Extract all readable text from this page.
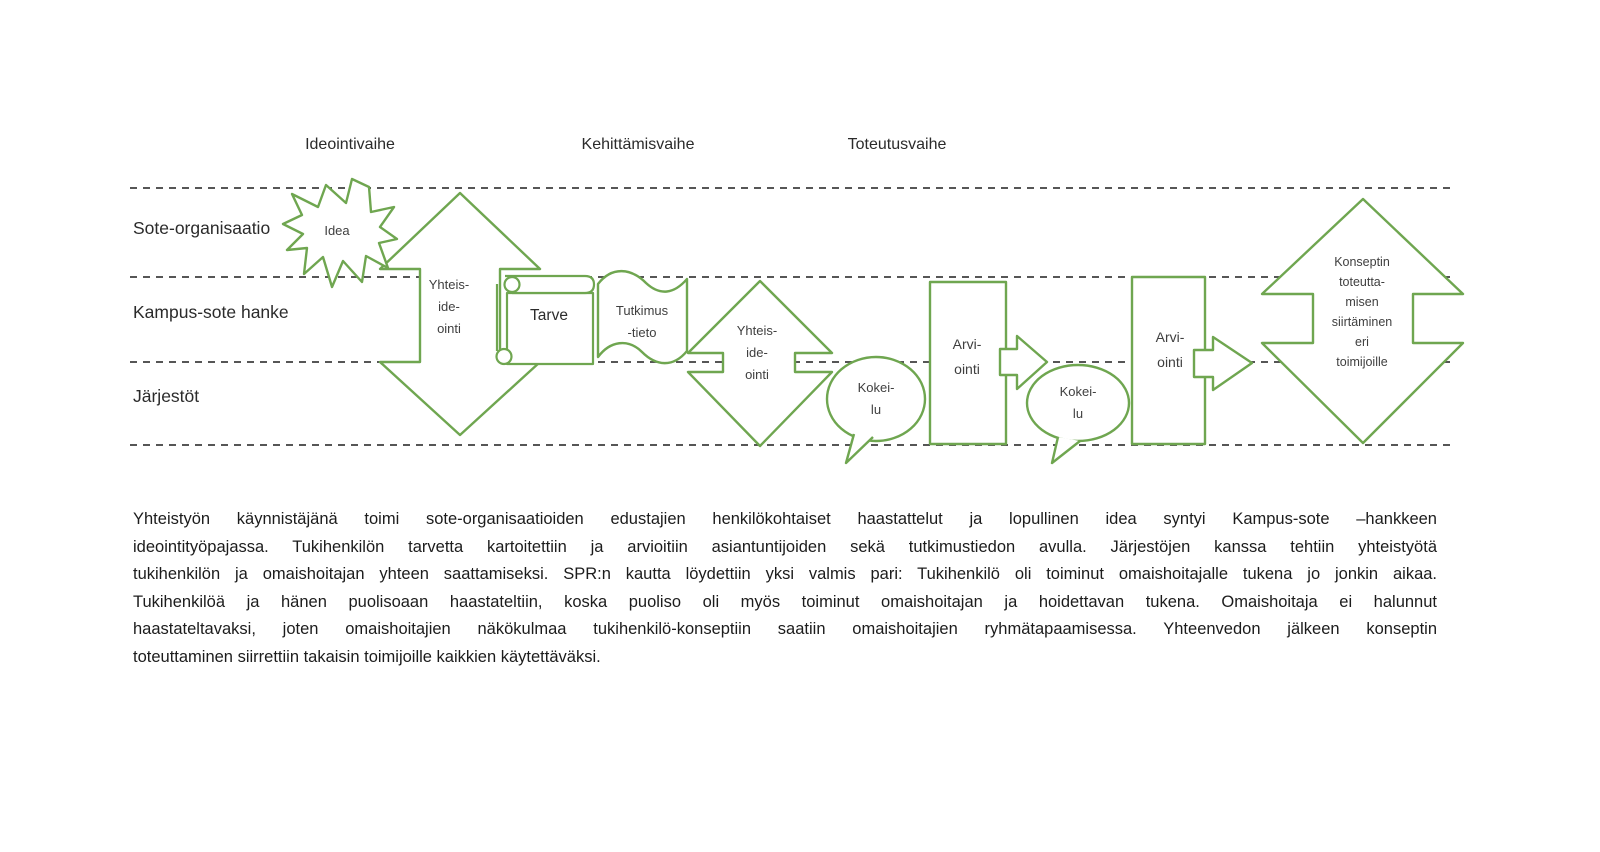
Ideointivaihe	Kehittämisvaihe	Toteutusvaihe
Sote-organisaatio
Kampus-sote hanke
Järjestöt
Idea
Yhteis-
ide-
ointi
Tarve	Tutkimus
-tieto	Yhteis-
ide-
ointi
Kokei-
lu
Arvi-
ointi
Kokei-
lu
Arvi-
ointi
Konseptin
toteutta-
misen
siirtäminen
eri
toimijoille
Yhteistyön käynnistäjänä toimi sote-organisaatioiden edustajien henkilökohtaiset haastattelut ja lopullinen idea syntyi Kampus-sote –hankkeen
ideointityöpajassa. Tukihenkilön tarvetta kartoitettiin ja arvioitiin asiantuntijoiden sekä tutkimustiedon avulla. Järjestöjen kanssa tehtiin yhteistyötä
tukihenkilön ja omaishoitajan yhteen saattamiseksi. SPR:n kautta löydettiin yksi valmis pari: Tukihenkilö oli toiminut omaishoitajalle tukena jo jonkin aikaa.
Tukihenkilöä ja hänen puolisoaan haastateltiin, koska puoliso oli myös toiminut omaishoitajan ja hoidettavan tukena. Omaishoitaja ei halunnut
haastateltavaksi, joten omaishoitajien näkökulmaa tukihenkilö-konseptiin saatiin omaishoitajien ryhmätapaamisessa. Yhteenvedon jälkeen konseptin
toteuttaminen siirrettiin takaisin toimijoille kaikkien käytettäväksi.
